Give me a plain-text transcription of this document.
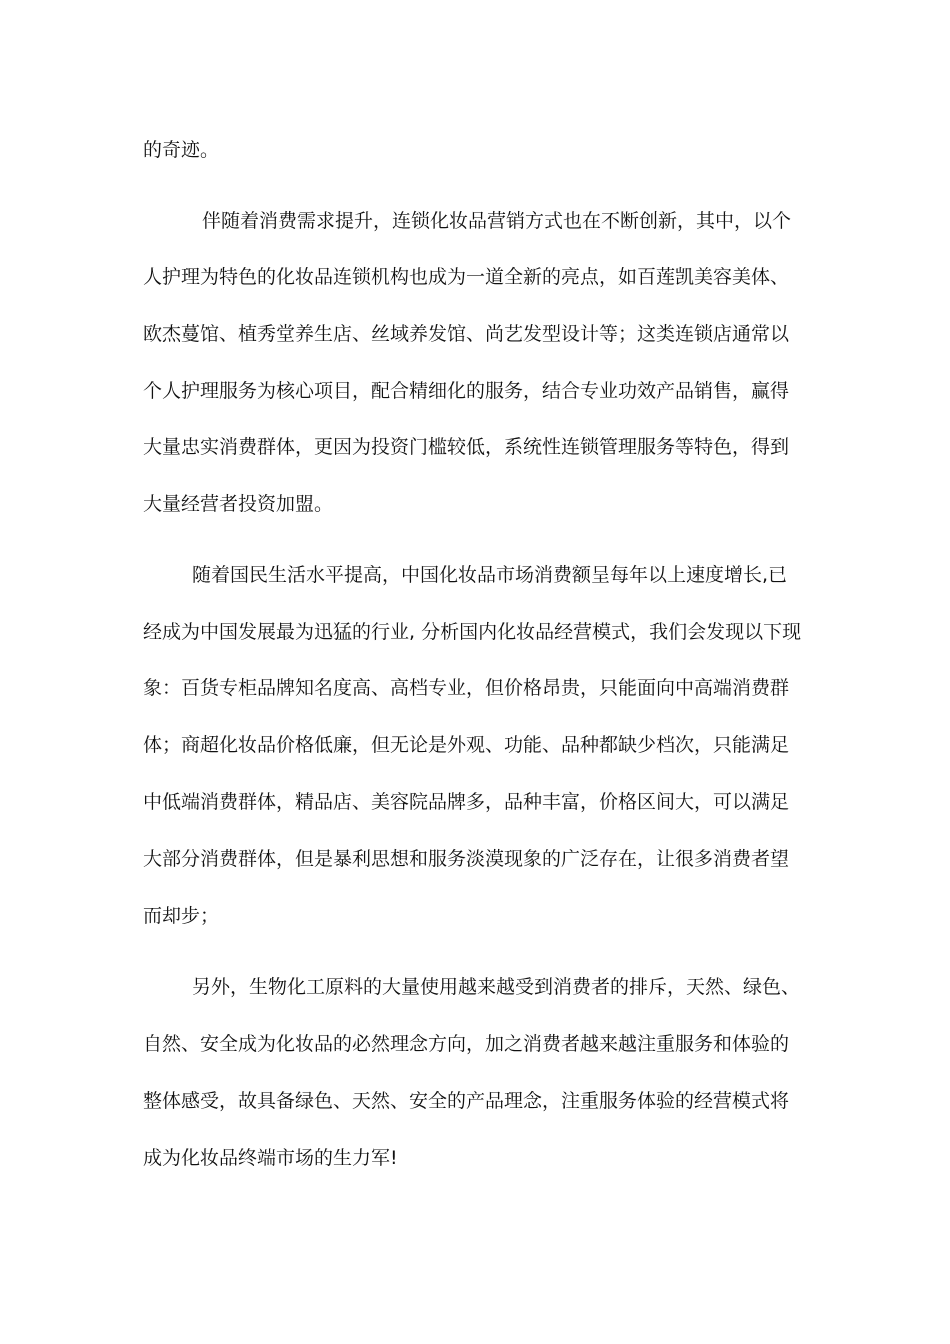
的奇迹。
伴随着消费需求提升，连锁化妆品营销方式也在不断创新，其中，以个
人护理为特色的化妆品连锁机构也成为一道全新的亮点，如百莲凯美容美体、
欧杰蔓馆、植秀堂养生店、丝域养发馆、尚艺发型设计等；这类连锁店通常以
个人护理服务为核心项目，配合精细化的服务，结合专业功效产品销售，赢得
大量忠实消费群体，更因为投资门槛较低，系统性连锁管理服务等特色，得到
大量经营者投资加盟。
随着国民生活水平提高，中国化妆品市场消费额呈每年以上速度增长,已
经成为中国发展最为迅猛的行业, 分析国内化妆品经营模式，我们会发现以下现
象：百货专柜品牌知名度高、高档专业，但价格昂贵，只能面向中高端消费群
体；商超化妆品价格低廉，但无论是外观、功能、品种都缺少档次，只能满足
中低端消费群体，精品店、美容院品牌多，品种丰富，价格区间大，可以满足
大部分消费群体，但是暴利思想和服务淡漠现象的广泛存在，让很多消费者望
而却步；
另外，生物化工原料的大量使用越来越受到消费者的排斥，天然、绿色、
自然、安全成为化妆品的必然理念方向，加之消费者越来越注重服务和体验的
整体感受，故具备绿色、天然、安全的产品理念，注重服务体验的经营模式将
成为化妆品终端市场的生力军!
